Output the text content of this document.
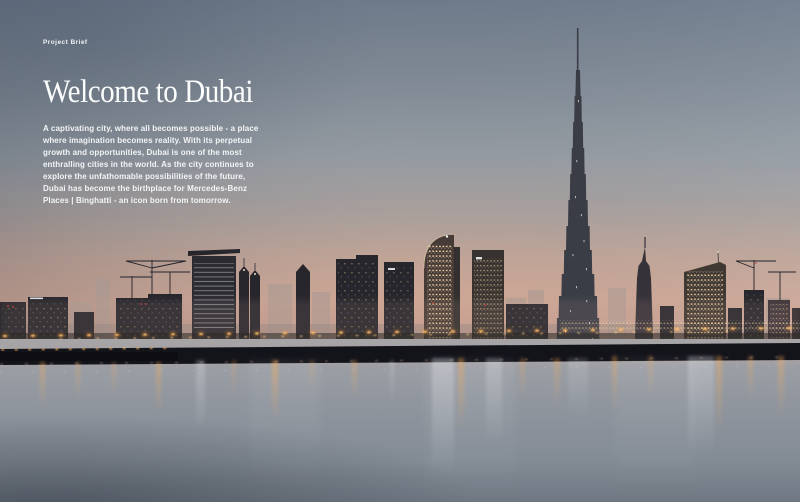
Project Brief
Welcome to Dubai
A captivating city, where all becomes possible - a place
where imagination becomes reality. With its perpetual
growth and opportunities, Dubai is one of the most
enthralling cities in the world. As the city continues to
explore the unfathomable possibilities of the future,
Dubai has become the birthplace for Mercedes-Benz
Places | Binghatti - an icon born from tomorrow.
